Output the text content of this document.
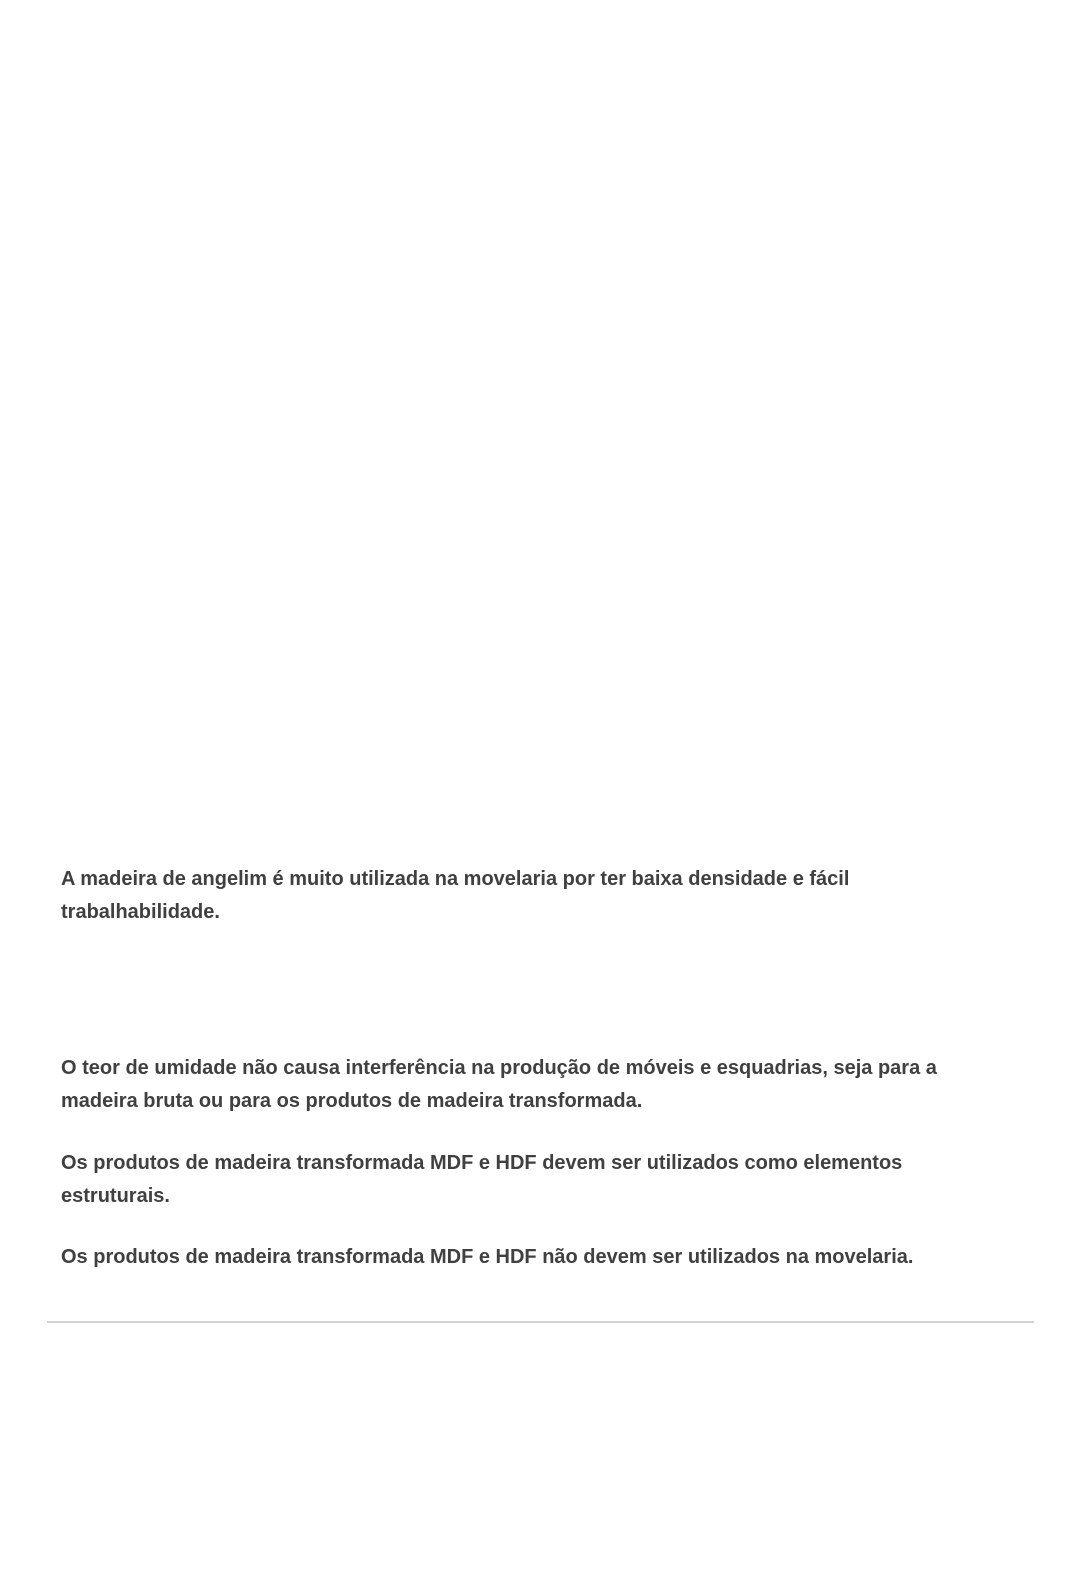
A madeira de angelim é muito utilizada na movelaria por ter baixa densidade e fácil trabalhabilidade.

O teor de umidade não causa interferência na produção de móveis e esquadrias, seja para a madeira bruta ou para os produtos de madeira transformada.

Os produtos de madeira transformada MDF e HDF devem ser utilizados como elementos estruturais.

Os produtos de madeira transformada MDF e HDF não devem ser utilizados na movelaria.
